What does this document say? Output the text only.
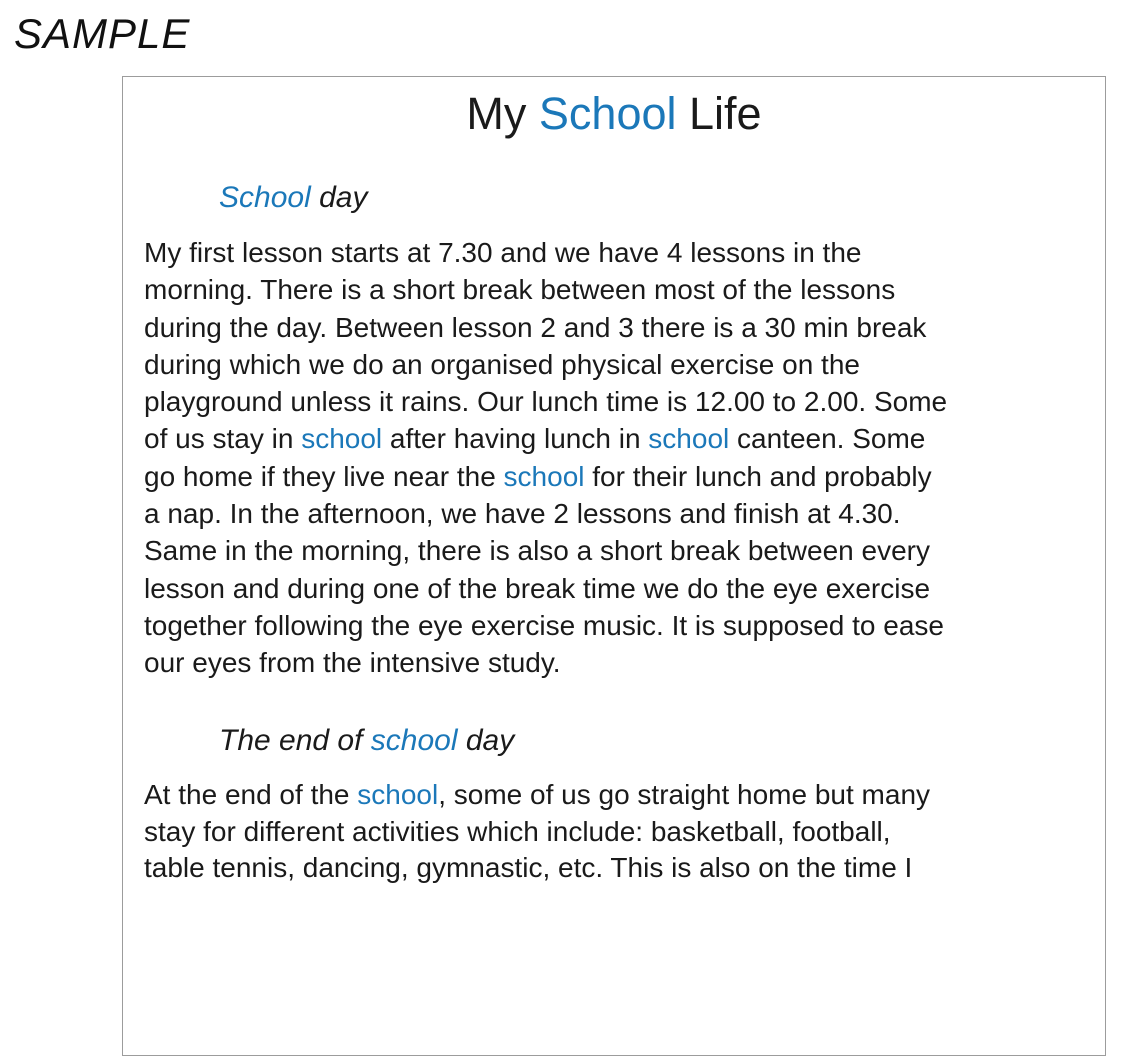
SAMPLE
My School Life
School day
My first lesson starts at 7.30 and we have 4 lessons in the
morning. There is a short break between most of the lessons
during the day. Between lesson 2 and 3 there is a 30 min break
during which we do an organised physical exercise on the
playground unless it rains. Our lunch time is 12.00 to 2.00. Some
of us stay in school after having lunch in school canteen. Some
go home if they live near the school for their lunch and probably
a nap. In the afternoon, we have 2 lessons and finish at 4.30.
Same in the morning, there is also a short break between every
lesson and during one of the break time we do the eye exercise
together following the eye exercise music. It is supposed to ease
our eyes from the intensive study.
The end of school day
At the end of the school, some of us go straight home but many
stay for different activities which include: basketball, football,
table tennis, dancing, gymnastic, etc. This is also on the time I
